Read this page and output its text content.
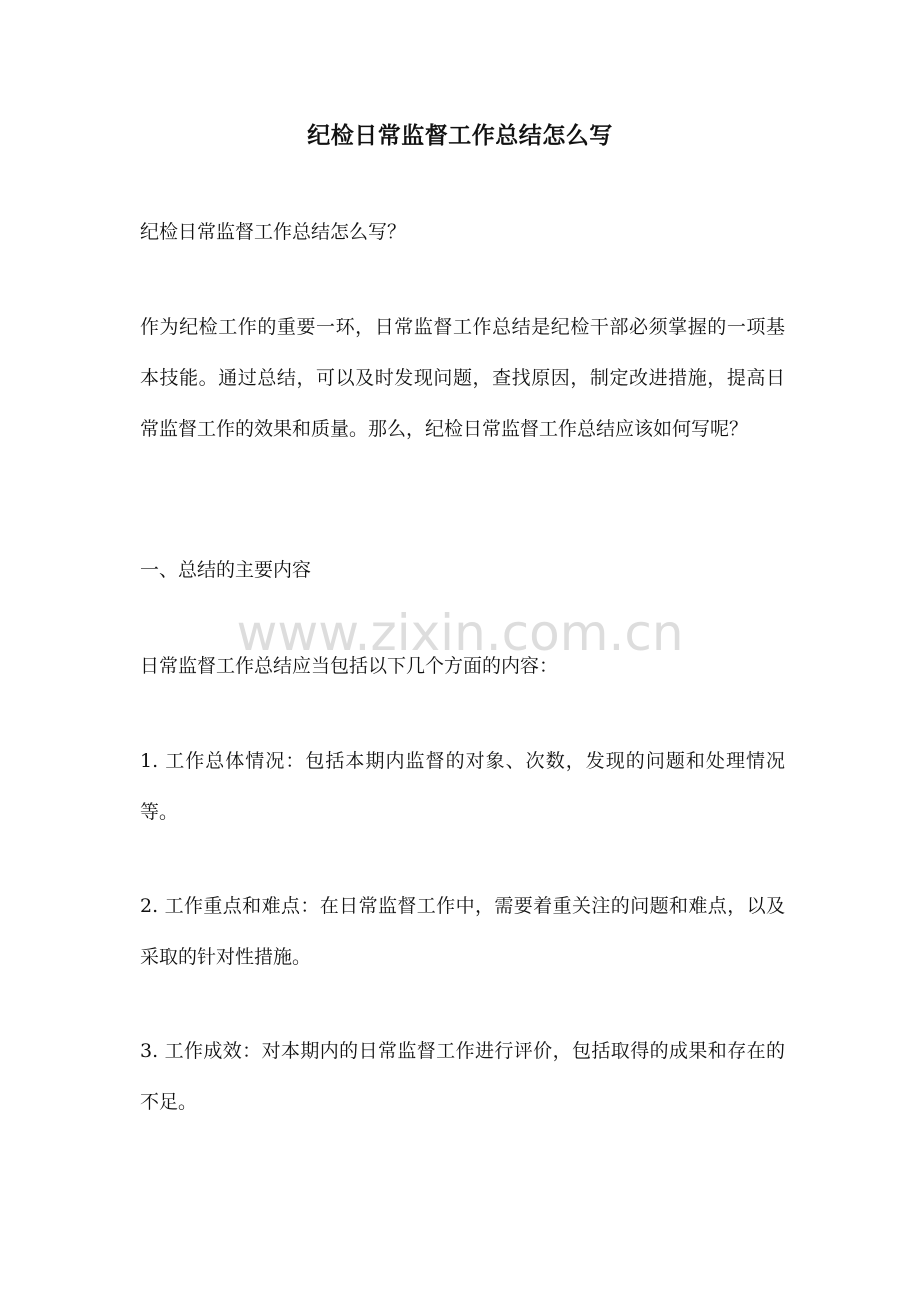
纪检日常监督工作总结怎么写

纪检日常监督工作总结怎么写？

作为纪检工作的重要一环，日常监督工作总结是纪检干部必须掌握的一项基本技能。通过总结，可以及时发现问题，查找原因，制定改进措施，提高日常监督工作的效果和质量。那么，纪检日常监督工作总结应该如何写呢？

一、总结的主要内容

日常监督工作总结应当包括以下几个方面的内容：

1. 工作总体情况：包括本期内监督的对象、次数，发现的问题和处理情况等。

2. 工作重点和难点：在日常监督工作中，需要着重关注的问题和难点，以及采取的针对性措施。

3. 工作成效：对本期内的日常监督工作进行评价，包括取得的成果和存在的不足。

www.zixin.com.cn
